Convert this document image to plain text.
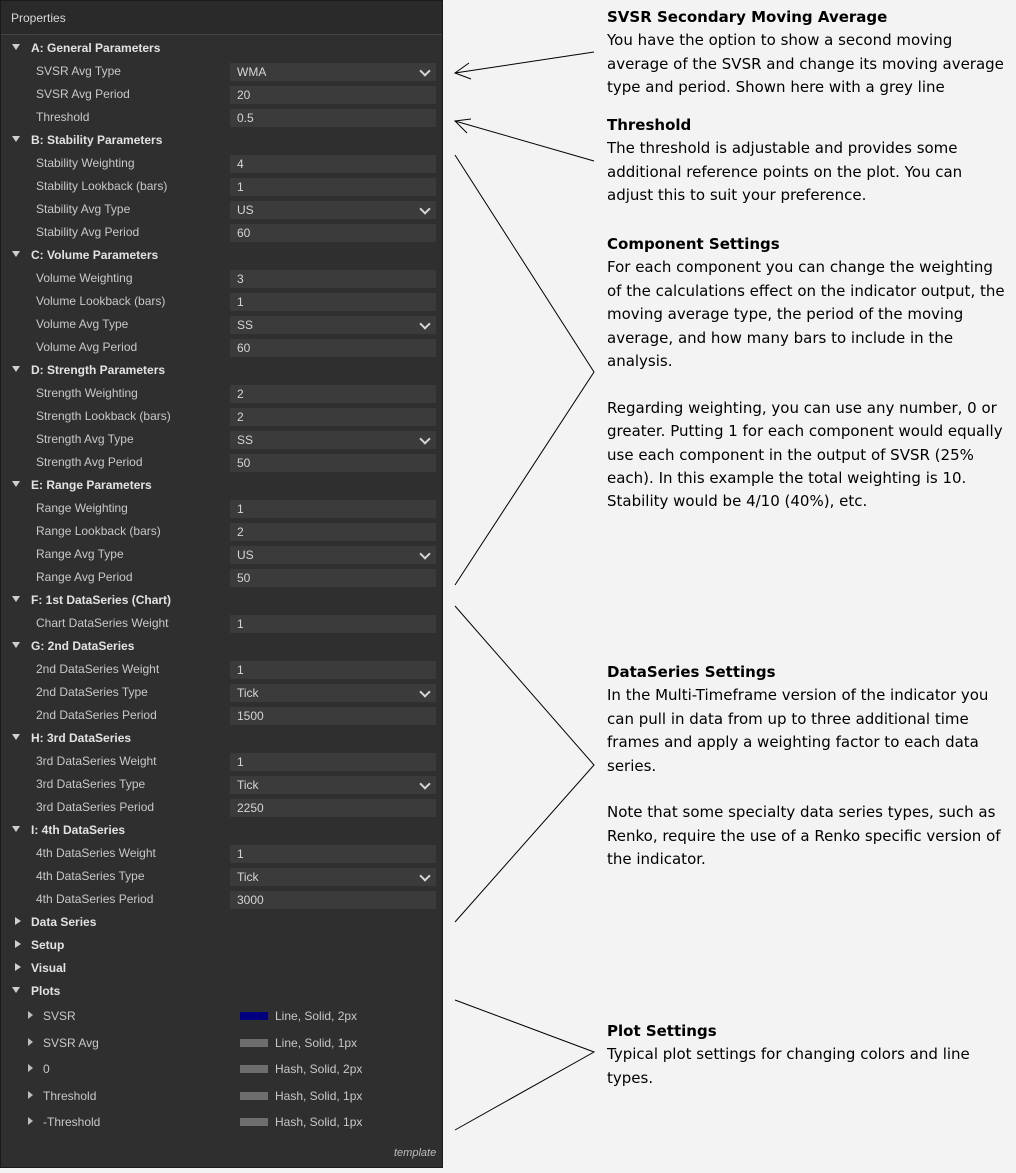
Properties
A: General Parameters
SVSR Avg Type	WMA
SVSR Avg Period	20
Threshold	0.5
B: Stability Parameters
Stability Weighting	4
Stability Lookback (bars)	1
Stability Avg Type	US
Stability Avg Period	60
C: Volume Parameters
Volume Weighting	3
Volume Lookback (bars)	1
Volume Avg Type	SS
Volume Avg Period	60
D: Strength Parameters
Strength Weighting	2
Strength Lookback (bars)	2
Strength Avg Type	SS
Strength Avg Period	50
E: Range Parameters
Range Weighting	1
Range Lookback (bars)	2
Range Avg Type	US
Range Avg Period	50
F: 1st DataSeries (Chart)
Chart DataSeries Weight	1
G: 2nd DataSeries
2nd DataSeries Weight	1
2nd DataSeries Type	Tick
2nd DataSeries Period	1500
H: 3rd DataSeries
3rd DataSeries Weight	1
3rd DataSeries Type	Tick
3rd DataSeries Period	2250
I: 4th DataSeries
4th DataSeries Weight	1
4th DataSeries Type	Tick
4th DataSeries Period	3000
Data Series
Setup
Visual
Plots
SVSR	Line, Solid, 2px
SVSR Avg	Line, Solid, 1px
0	Hash, Solid, 2px
Threshold	Hash, Solid, 1px
-Threshold	Hash, Solid, 1px
template
SVSR Secondary Moving Average

You have the option to show a second moving average of the SVSR and change its moving average type and period. Shown here with a grey line

Threshold

The threshold is adjustable and provides some additional reference points on the plot. You can adjust this to suit your preference.

Component Settings

For each component you can change the weighting of the calculations effect on the indicator output, the moving average type, the period of the moving average, and how many bars to include in the analysis.

Regarding weighting, you can use any number, 0 or greater. Putting 1 for each component would equally use each component in the output of SVSR (25% each). In this example the total weighting is 10. Stability would be 4/10 (40%), etc.

DataSeries Settings

In the Multi-Timeframe version of the indicator you can pull in data from up to three additional time frames and apply a weighting factor to each data series.

Note that some specialty data series types, such as Renko, require the use of a Renko specific version of the indicator.

Plot Settings

Typical plot settings for changing colors and line types.
